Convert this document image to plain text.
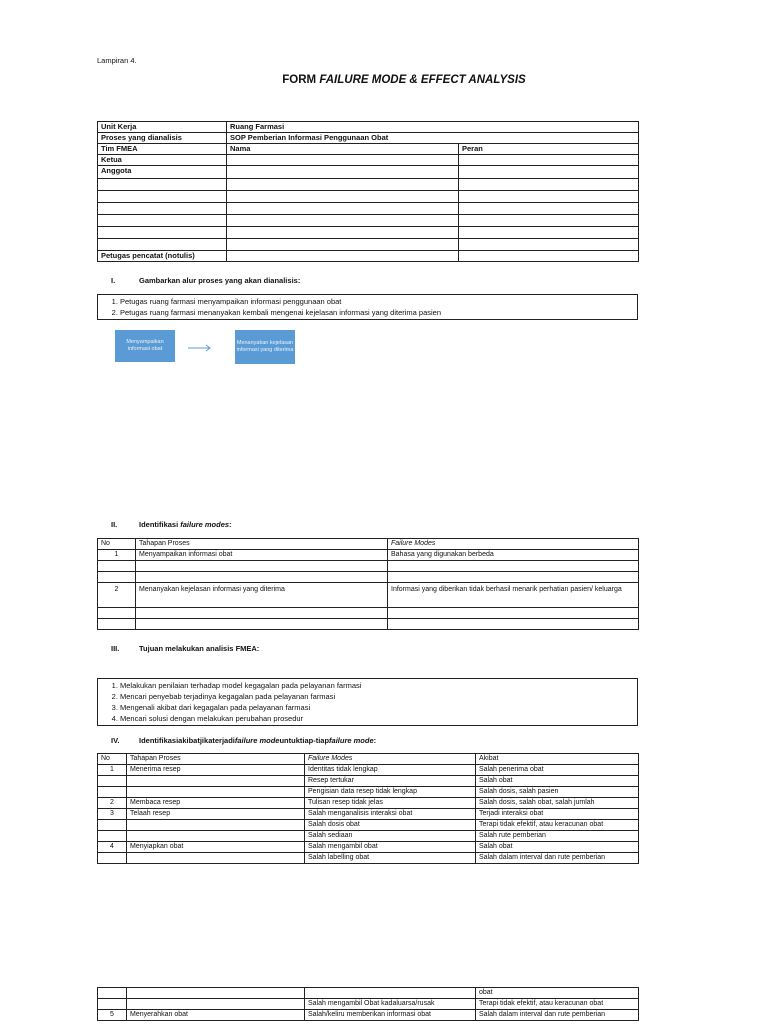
Lampiran 4.
FORM FAILURE MODE & EFFECT ANALYSIS
Unit Kerja	Ruang Farmasi	
Proses yang dianalisis	SOP Pemberian Informasi Penggunaan Obat	
Tim FMEA	Nama	Peran
Ketua		
Anggota		

Petugas pencatat (notulis)		
I.	Gambarkan alur proses yang akan dianalisis:
1. Petugas ruang farmasi menyampaikan informasi penggunaan obat
2. Petugas ruang farmasi menanyakan kembali mengenai kejelasan informasi yang diterima pasien
Menyampaikan informasi obat
Menanyakan kejelasan informasi yang diterima
II.	Identifikasi failure modes:
No	Tahapan Proses	Failure Modes
1	Menyampaikan informasi obat	Bahasa yang digunakan berbeda

2	Menanyakan kejelasan informasi yang diterima	Informasi yang diberikan tidak berhasil menarik perhatian pasien/ keluarga

III.	Tujuan melakukan analisis FMEA:
1. Melakukan penilaian terhadap model kegagalan pada pelayanan farmasi
2. Mencari penyebab terjadinya kegagalan pada pelayanan farmasi
3. Mengenali akibat dari kegagalan pada pelayanan farmasi
4. Mencari solusi dengan melakukan perubahan prosedur
IV.	Identifikasiakibatjikaterjadifailure modeuntuktiap-tiapfailure mode:
No	Tahapan Proses	Failure Modes	Akibat
1	Menerima resep	Identitas tidak lengkap	Salah penerima obat
		Resep tertukar	Salah obat
		Pengisian data resep tidak lengkap	Salah dosis, salah pasien
2	Membaca resep	Tulisan resep tidak jelas	Salah dosis, salah obat, salah jumlah
3	Telaah resep	Salah menganalisis interaksi obat	Terjadi interaksi obat
		Salah dosis obat	Terapi tidak efektif, atau keracunan obat
		Salah sediaan	Salah rute pemberian
4	Menyiapkan obat	Salah mengambil obat	Salah obat
		Salah labelling obat	Salah dalam interval dan rute pemberian
			obat
		Salah mengambil Obat kadaluarsa/rusak	Terapi tidak efektif, atau keracunan obat
5	Menyerahkan obat	Salah/keliru memberikan informasi obat	Salah dalam interval dan rute pemberian
